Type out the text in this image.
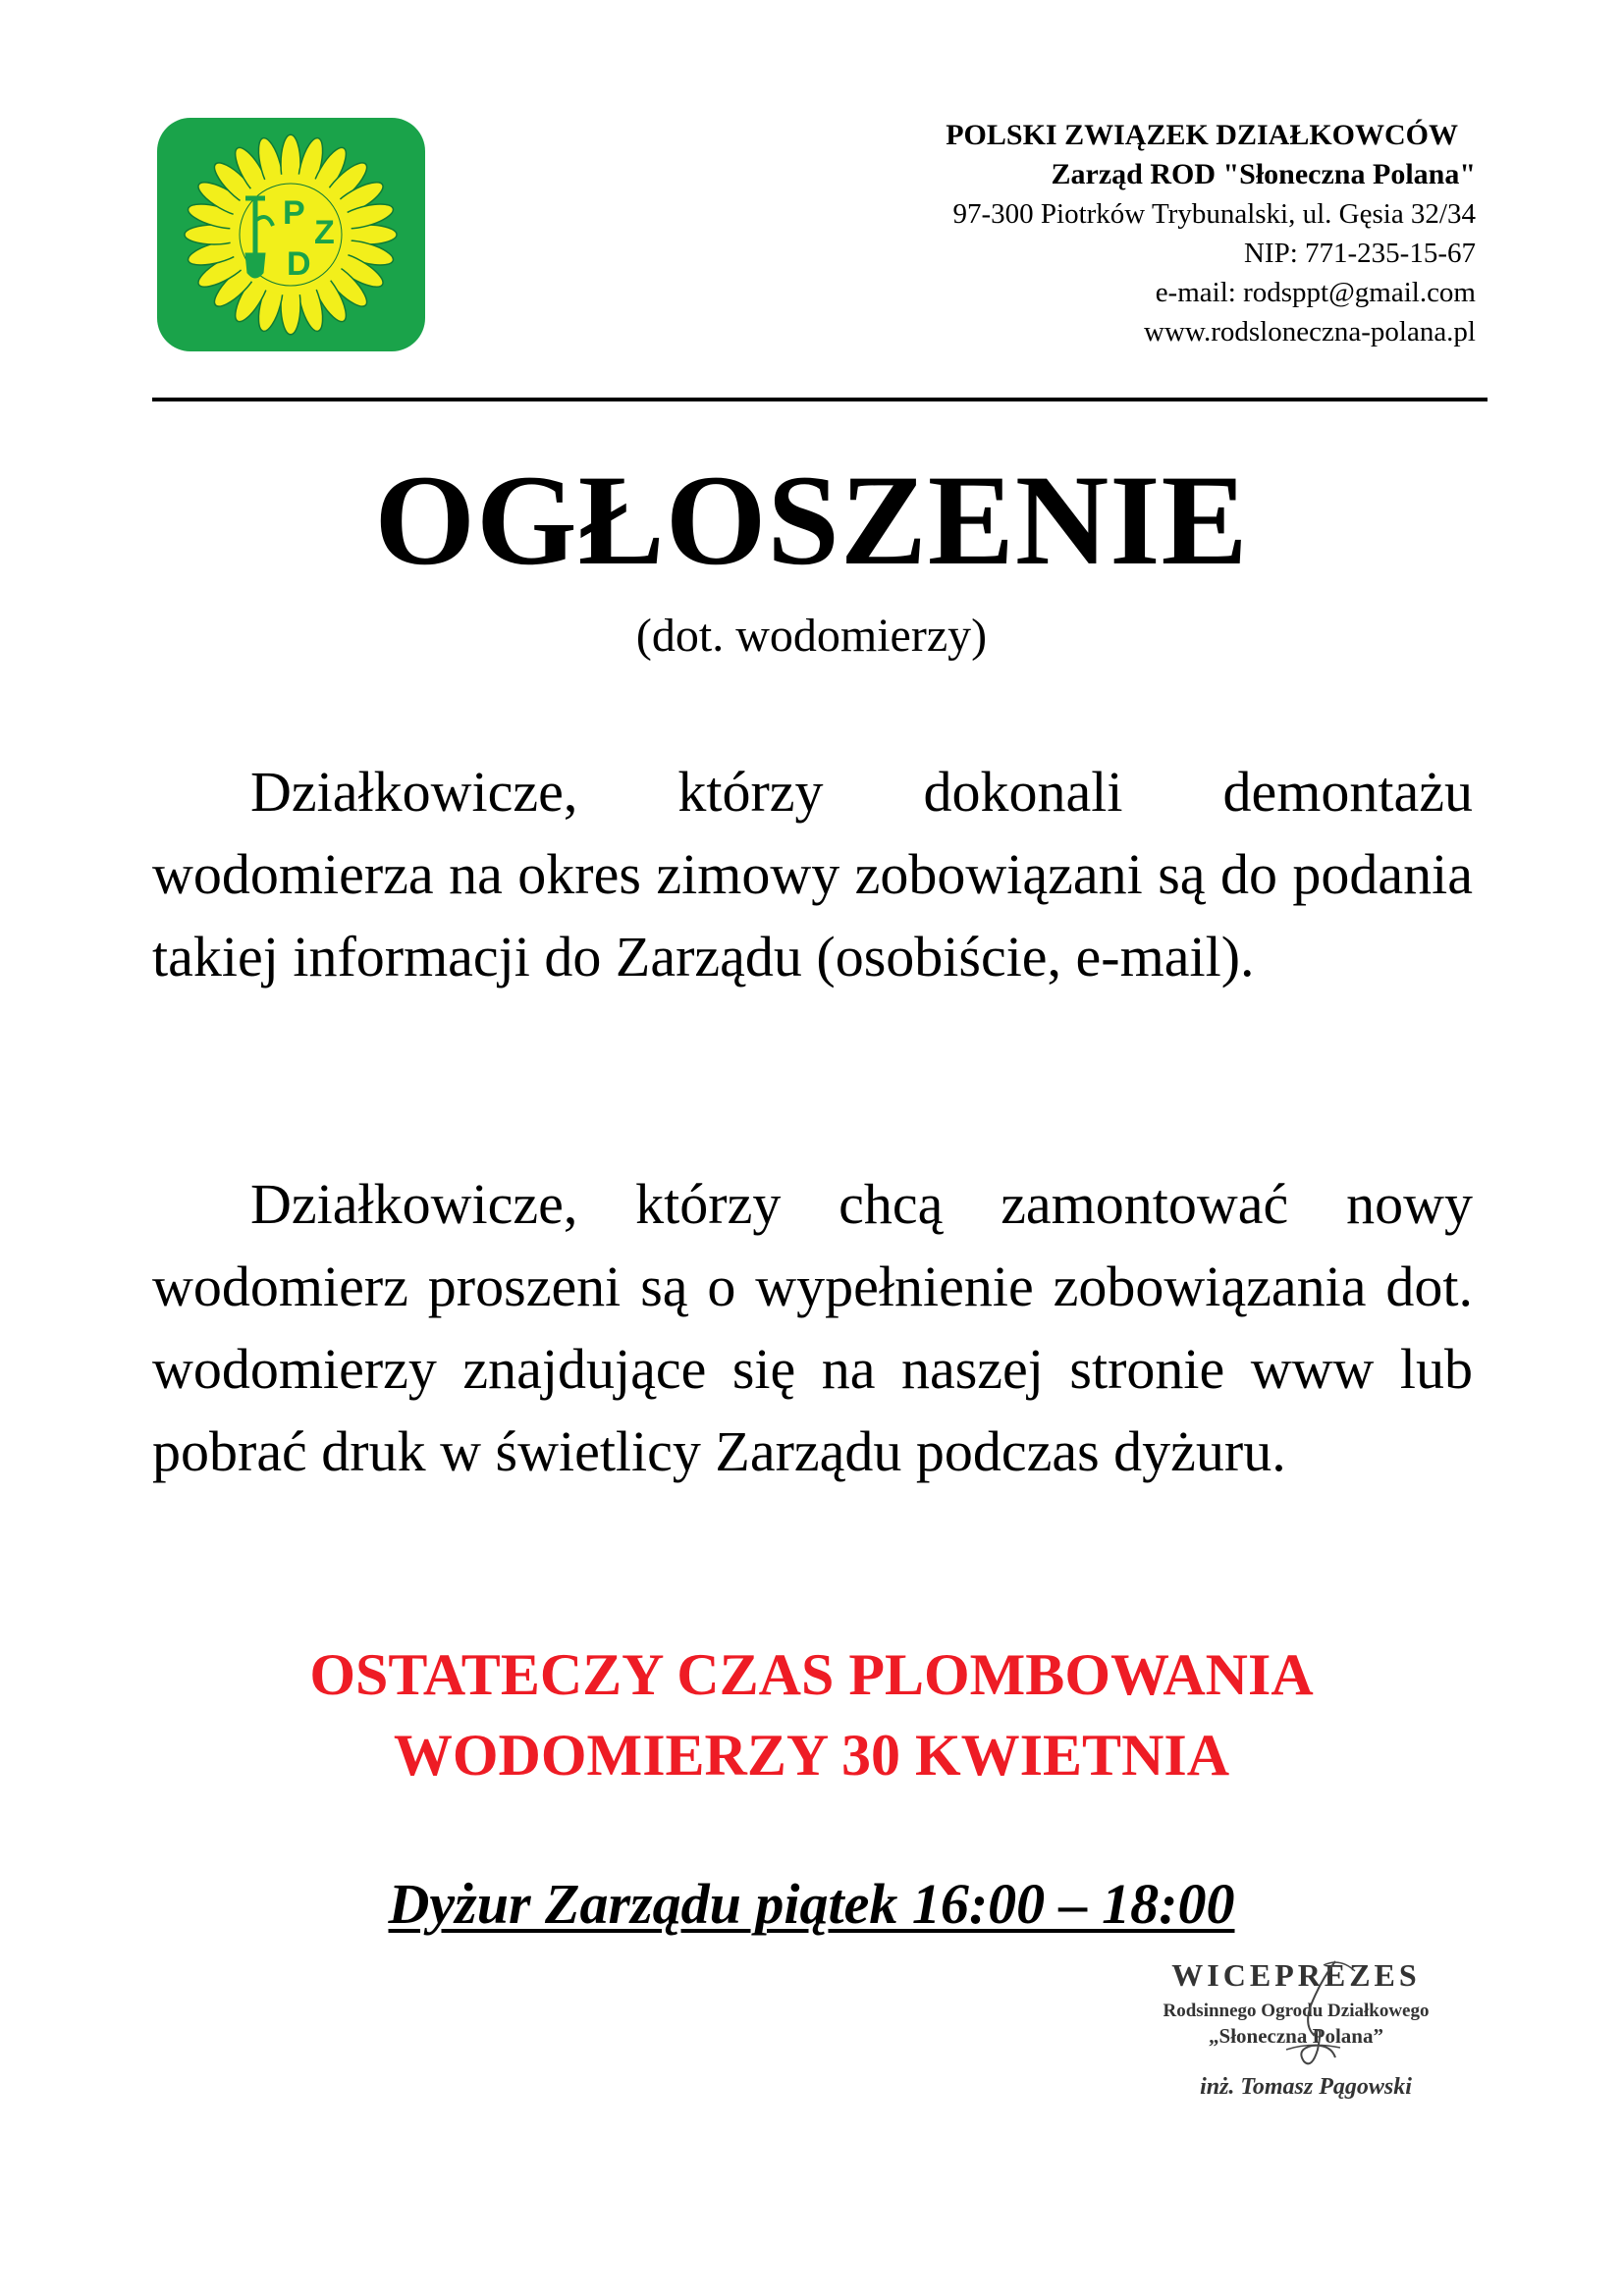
P
Z
D
POLSKI ZWIĄZEK DZIAŁKOWCÓW
Zarząd ROD "Słoneczna Polana"
97-300 Piotrków Trybunalski, ul. Gęsia 32/34
NIP: 771-235-15-67
e-mail: rodsppt@gmail.com
www.rodsloneczna-polana.pl
OGŁOSZENIE
(dot. wodomierzy)
Działkowicze, którzy dokonali demontażu wodomierza na okres zimowy zobowiązani są do podania takiej informacji do Zarządu (osobiście, e-mail).
Działkowicze, którzy chcą zamontować nowy wodomierz proszeni są o wypełnienie zobowiązania dot. wodomierzy znajdujące się na naszej stronie www lub pobrać druk w świetlicy Zarządu podczas dyżuru.
OSTATECZY CZAS PLOMBOWANIA
WODOMIERZY 30 KWIETNIA
Dyżur Zarządu piątek 16:00 – 18:00
WICEPREZES
Rodsinnego Ogrodu Działkowego
„Słoneczna Polana”
inż. Tomasz Pągowski
